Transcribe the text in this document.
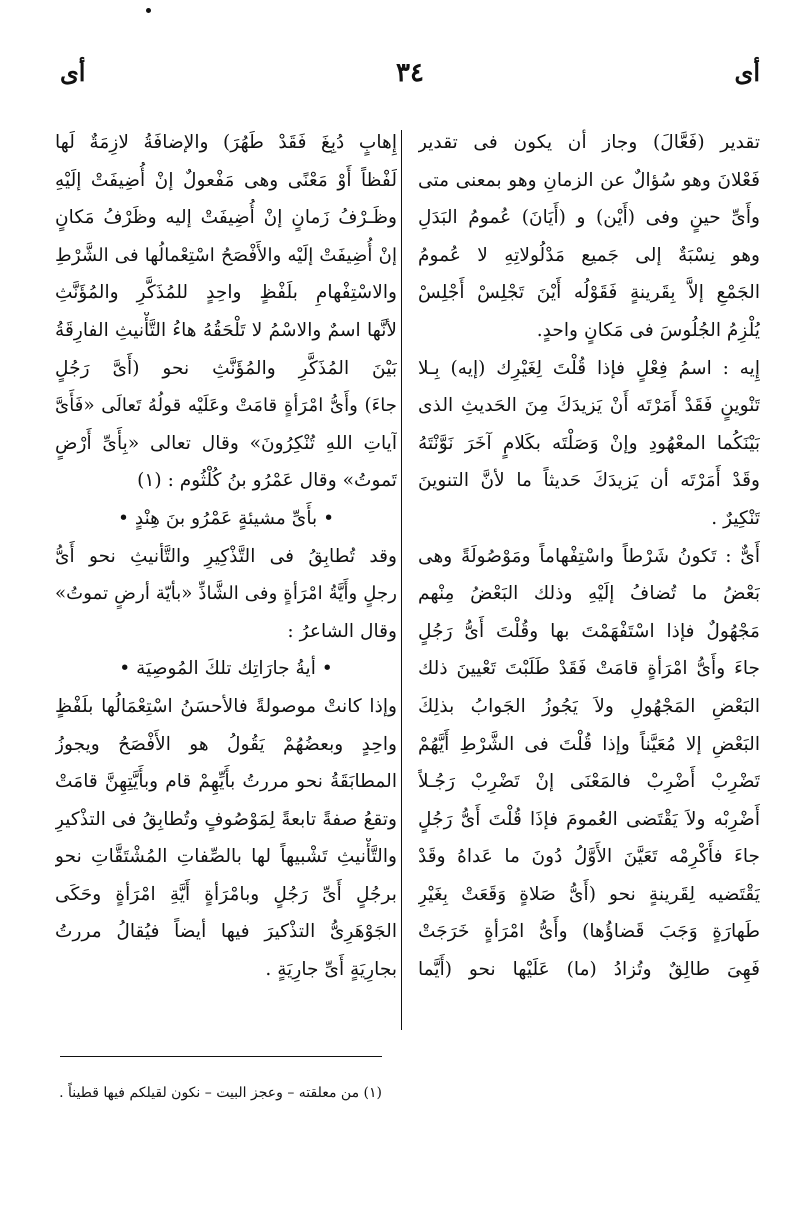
أى
٣٤
أى
تقدير (فَعَّالَ) وجاز أن يكون فى تقدير
فَعْلانَ وهو سُؤالٌ عن الزمانِ وهو بمعنى متى
وأَىِّ حينٍ وفى (أَيْن) و (أَيَانَ) عُمومُ البَدَلِ
وهو نِسْبَةٌ إلى جَميع مَدْلُولاتِهِ لا عُمومُ
الجَمْعِ إلاَّ بِقَرينةٍ فَقَوْلُه أَيْنَ تَجْلِسْ أَجْلِسْ
يُلْزِمُ الجُلُوسَ فى مَكانٍ واحدٍ.
إِيه : اسمُ فِعْلٍ فإذا قُلْتَ لِغَيْرِك (إيه) بِـلا
تَنْوينٍ فَقَدْ أَمَرْتَه أَنْ يَزيدَكَ مِنَ الحَديثِ الذى
بَيْنَكُما المعْهُودِ وإنْ وَصَلْتَه بكَلامٍ آخَرَ نَوَّنْتَهُ
وقَدْ أَمَرْتَه أن يَزيدَكَ حَديثاً ما لأنَّ التنوينَ
تَنْكِيرٌ .
أَىٌّ : تَكونُ شَرْطاً واسْتِفْهاماً ومَوْصُولَةً وهى
بَعْضُ ما تُضافُ إلَيْهِ وذلك البَعْضُ مِنْهم
مَجْهُولٌ فإذا اسْتَفْهَمْتَ بها وقُلْتَ أَىُّ رَجُلٍ
جاءَ وأَىُّ امْرَأةٍ قامَتْ فَقَدْ طَلَبْتَ تَعْيينَ ذلك
البَعْضِ المَجْهُولِ ولاَ يَجُوزُ الجَوابُ بذلِكَ
البَعْضِ إلا مُعَيَّناً وإذا قُلْتَ فى الشَّرْطِ أَيَّهُمْ
تَضْرِبْ أَضْرِبْ فالمَعْنَى إنْ تَضْرِبْ رَجُـلاً
أَضْرِبْه ولاَ يَقْتَضى العُمومَ فإذَا قُلْتَ أَىُّ رَجُلٍ
جاءَ فأَكْرِمْه تَعَيَّنَ الأَوَّلُ دُونَ ما عَداهُ وقَدْ
يَقْتَضيه لِقَرينةٍ نحو (أَىُّ صَلاةٍ وَقَعَتْ بِغَيْرِ
طَهارَةٍ وَجَبَ قَضاؤُها) وأَىُّ امْرَأةٍ خَرَجَتْ
فَهِىَ طالِقٌ وتُزادُ (ما) عَلَيْها نحو (أَيَّما
إِهابٍ دُبِغَ فَقَدْ طَهُرَ) والإضافَةُ لازِمَةٌ لَها
لَفْظاً أَوْ مَعْنًى وهى مَفْعولٌ إنْ أُضِيفَتْ إلَيْهِ
وظَـرْفُ زَمانٍ إنْ أُضِيفَتْ إليه وظَرْفُ مَكانٍ
إنْ أُضِيفَتْ إلَيْه والأَفْصَحُ اسْتِعْمالُها فى الشَّرْطِ
والاسْتِفْهامِ بلَفْظٍ واحِدٍ للمُذَكَّرِ والمُؤَنَّثِ
لأنَّها اسمٌ والاسْمُ لا تَلْحَقُهُ هاءُ التَّأْنيثِ الفارِقَةُ
بَيْنَ المُذَكَّرِ والمُؤَنَّثِ نحو (أَىَّ رَجُلٍ
جاءَ) وأَىُّ امْرَأةٍ قامَتْ وعَلَيْه قولُهُ تَعالَى «فَأَىَّ
آياتِ اللهِ تُنْكِرُونَ» وقال تعالى «بِأَىِّ أَرْضٍ
تَموتُ» وقال عَمْرُو بنُ كُلْثُوم : (١)
• بأَىِّ مشيئةٍ عَمْرُو بنَ هِنْدٍ •
وقد تُطابِقُ فى التَّذْكِيرِ والتَّأنيثِ نحو أَىُّ
رجلٍ وأَيَّةُ امْرَأةٍ وفى الشَّاذِّ «بأيّة أرضٍ تموتُ»
وقال الشاعرُ :
• أيةُ جارَاتِك تلكَ المُوصِيَة •
وإذا كانتْ موصولةً فالأحسَنُ اسْتِعْمَالُها بلَفْظٍ
واحِدٍ وبعضُهُمْ يَقُولُ هو الأَفْصَحُ ويجوزُ
المطابَقَةُ نحو مررتُ بأَيِّهِمْ قام وبأَيَّتِهِنَّ قامَتْ
وتقعُ صفةً تابعةً لِمَوْصُوفٍ وتُطابِقُ فى التذْكيرِ
والتَّأْنيثِ تَشْبيهاً لها بالصِّفاتِ المُشْتَقَّاتِ نحو
برجُلٍ أَىِّ رَجُلٍ وبامْرَأةٍ أَيَّةِ امْرَأةٍ وحَكَى
الجَوْهَرِىُّ التذْكيرَ فيها أيضاً فيُقالُ مررتُ
بجارِيَةٍ أَىِّ جارِيَةٍ .
(١) من معلقته – وعجز البيت – نكون لقيلكم فيها قطيناً .
